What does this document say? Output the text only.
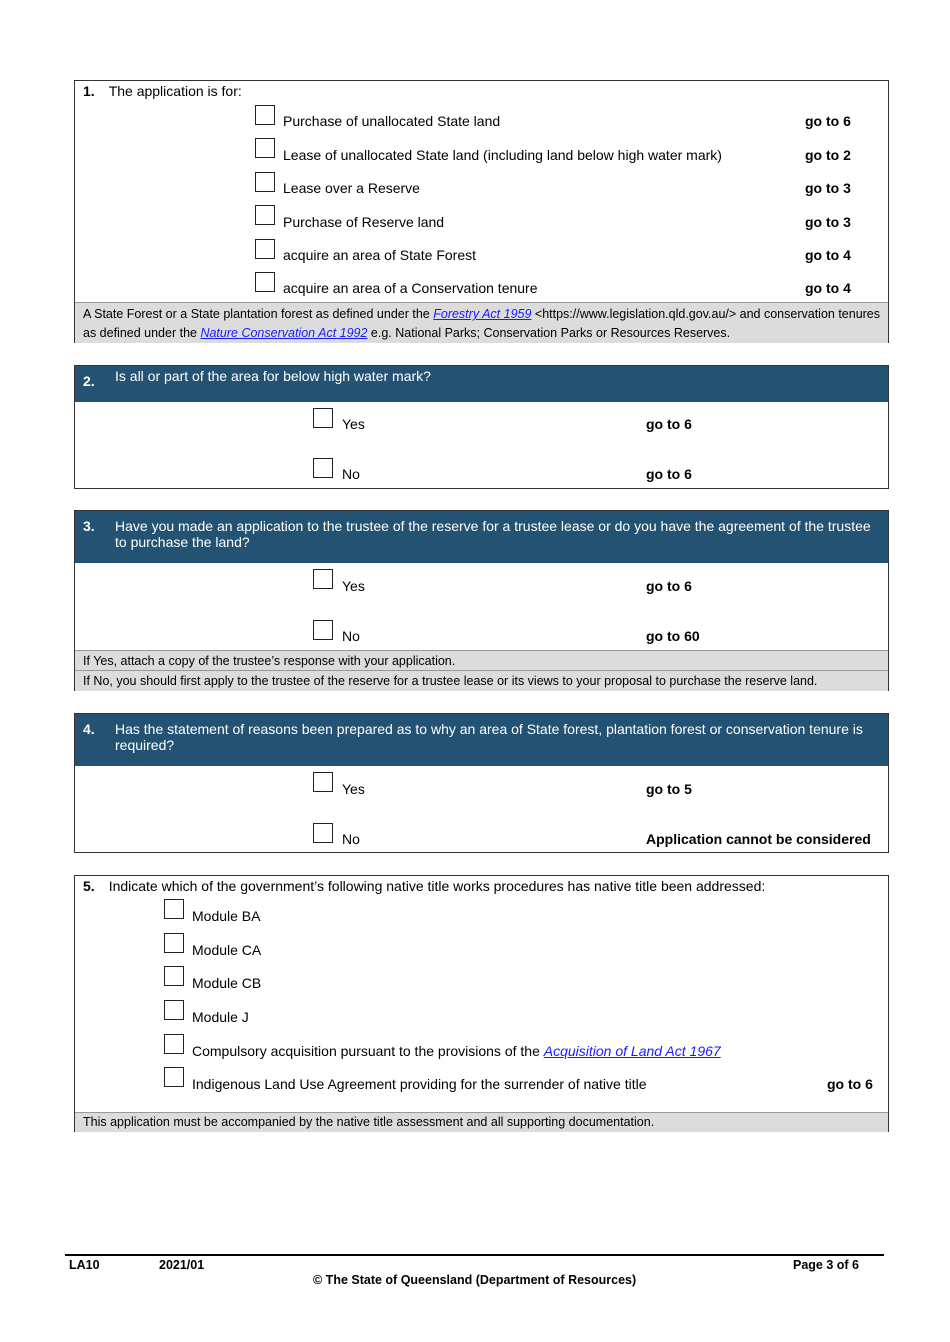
1. The application is for:
Purchase of unallocated State land	go to 6
Lease of unallocated State land (including land below high water mark)	go to 2
Lease over a Reserve	go to 3
Purchase of Reserve land	go to 3
acquire an area of State Forest	go to 4
acquire an area of a Conservation tenure	go to 4
A State Forest or a State plantation forest as defined under the Forestry Act 1959 <https://www.legislation.qld.gov.au/> and conservation tenures as defined under the Nature Conservation Act 1992 e.g. National Parks; Conservation Parks or Resources Reserves.
2. Is all or part of the area for below high water mark?
Yes	go to 6
No	go to 6
3. Have you made an application to the trustee of the reserve for a trustee lease or do you have the agreement of the trustee to purchase the land?
Yes	go to 6
No	go to 60
If Yes, attach a copy of the trustee’s response with your application.
If No, you should first apply to the trustee of the reserve for a trustee lease or its views to your proposal to purchase the reserve land.
4. Has the statement of reasons been prepared as to why an area of State forest, plantation forest or conservation tenure is required?
Yes	go to 5
No	Application cannot be considered
5. Indicate which of the government’s following native title works procedures has native title been addressed:
Module BA
Module CA
Module CB
Module J
Compulsory acquisition pursuant to the provisions of the Acquisition of Land Act 1967
Indigenous Land Use Agreement providing for the surrender of native title	go to 6
This application must be accompanied by the native title assessment and all supporting documentation.
LA10	2021/01
© The State of Queensland (Department of Resources)
Page 3 of 6
